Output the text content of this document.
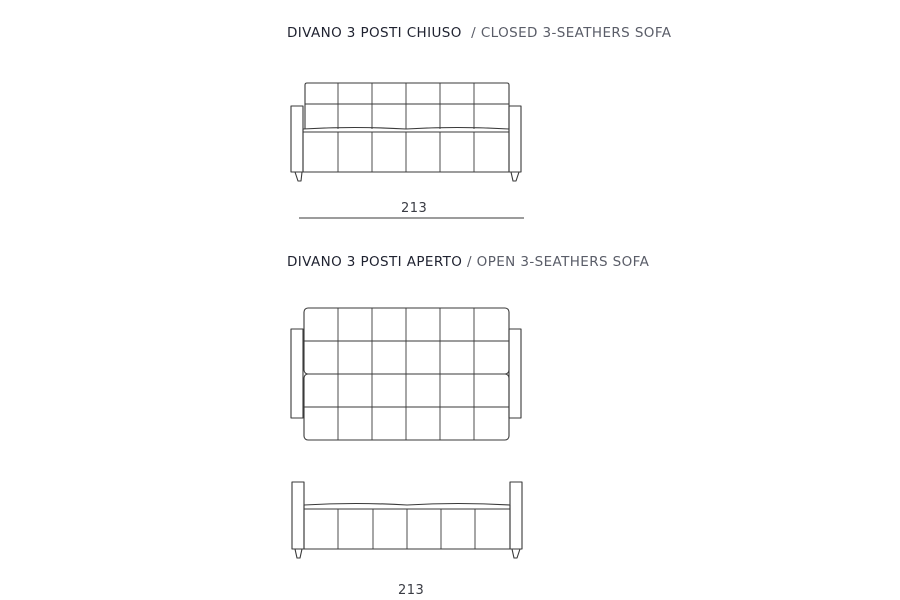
DIVANO 3 POSTI CHIUSO / CLOSED 3-SEATHERS SOFA
DIVANO 3 POSTI APERTO / OPEN 3-SEATHERS SOFA
213
213
